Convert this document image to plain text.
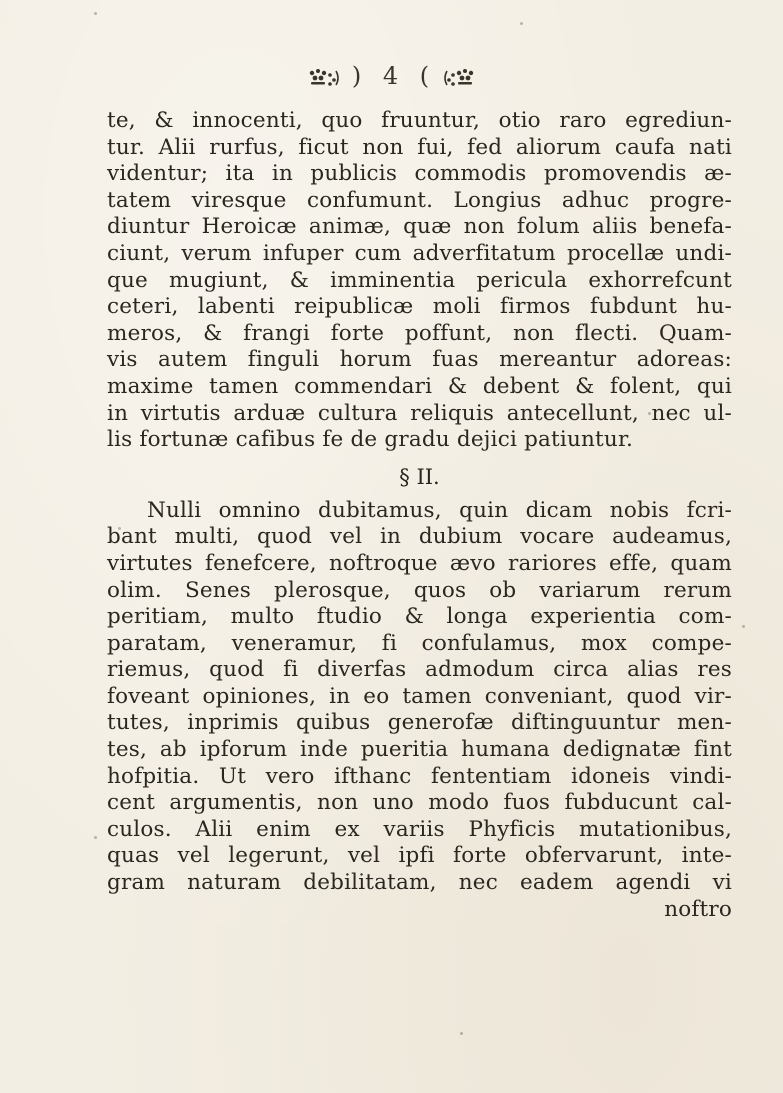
) 4 (
te, & innocenti, quo fruuntur, otio raro egrediun-
tur. Alii rurfus, ficut non fui, fed aliorum caufa nati
videntur; ita in publicis commodis promovendis æ-
tatem viresque confumunt. Longius adhuc progre-
diuntur Heroicæ animæ, quæ non folum aliis benefa-
ciunt, verum infuper cum adverfitatum procellæ undi-
que mugiunt, & imminentia pericula exhorrefcunt
ceteri, labenti reipublicæ moli firmos fubdunt hu-
meros, & frangi forte poffunt, non flecti. Quam-
vis autem finguli horum fuas mereantur adoreas:
maxime tamen commendari & debent & folent, qui
in virtutis arduæ cultura reliquis antecellunt, nec ul-
lis fortunæ cafibus fe de gradu dejici patiuntur.
§ II.
Nulli omnino dubitamus, quin dicam nobis fcri-
bant multi, quod vel in dubium vocare audeamus,
virtutes fenefcere, noftroque ævo rariores effe, quam
olim. Senes plerosque, quos ob variarum rerum
peritiam, multo ftudio & longa experientia com-
paratam, veneramur, fi confulamus, mox compe-
riemus, quod fi diverfas admodum circa alias res
foveant opiniones, in eo tamen conveniant, quod vir-
tutes, inprimis quibus generofæ diftinguuntur men-
tes, ab ipforum inde pueritia humana dedignatæ fint
hofpitia. Ut vero ifthanc fententiam idoneis vindi-
cent argumentis, non uno modo fuos fubducunt cal-
culos. Alii enim ex variis Phyficis mutationibus,
quas vel legerunt, vel ipfi forte obfervarunt, inte-
gram naturam debilitatam, nec eadem agendi vi
noftro
